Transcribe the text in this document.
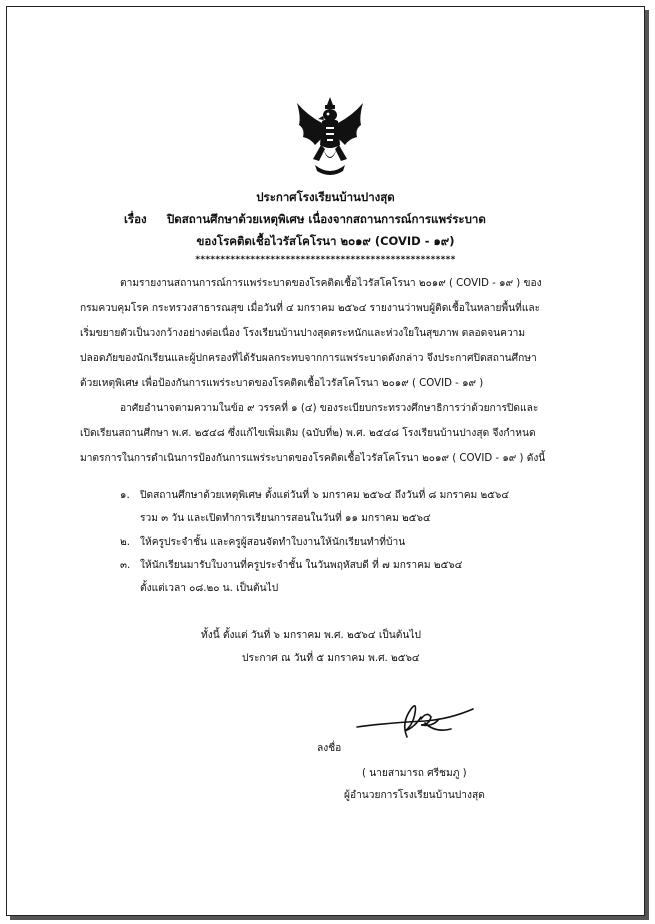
ประกาศโรงเรียนบ้านปางสุด
เรื่อง ปิดสถานศึกษาด้วยเหตุพิเศษ เนื่องจากสถานการณ์การแพร่ระบาด
ของโรคติดเชื้อไวรัสโคโรนา ๒๐๑๙ (COVID - ๑๙)
****************************************************
ตามรายงานสถานการณ์การแพร่ระบาดของโรคติดเชื้อไวรัสโคโรนา ๒๐๑๙ ( COVID - ๑๙ ) ของ
กรมควบคุมโรค กระทรวงสาธารณสุข เมื่อวันที่ ๔ มกราคม ๒๕๖๔ รายงานว่าพบผู้ติดเชื้อในหลายพื้นที่และ
เริ่มขยายตัวเป็นวงกว้างอย่างต่อเนื่อง โรงเรียนบ้านปางสุดตระหนักและห่วงใยในสุขภาพ ตลอดจนความ
ปลอดภัยของนักเรียนและผู้ปกครองที่ได้รับผลกระทบจากการแพร่ระบาดดังกล่าว จึงประกาศปิดสถานศึกษา
ด้วยเหตุพิเศษ เพื่อป้องกันการแพร่ระบาดของโรคติดเชื้อไวรัสโคโรนา ๒๐๑๙ ( COVID - ๑๙ )
อาศัยอำนาจตามความในข้อ ๙ วรรคที่ ๑ (๔) ของระเบียบกระทรวงศึกษาธิการว่าด้วยการปิดและ
เปิดเรียนสถานศึกษา พ.ศ. ๒๕๔๘ ซึ่งแก้ไขเพิ่มเติม (ฉบับที่๒) พ.ศ. ๒๕๔๘ โรงเรียนบ้านปางสุด จึงกำหนด
มาตรการในการดำเนินการป้องกันการแพร่ระบาดของโรคติดเชื้อไวรัสโคโรนา ๒๐๑๙ ( COVID - ๑๙ ) ดังนี้
๑. ปิดสถานศึกษาด้วยเหตุพิเศษ ตั้งแต่วันที่ ๖ มกราคม ๒๕๖๔ ถึงวันที่ ๘ มกราคม ๒๕๖๔
รวม ๓ วัน และเปิดทำการเรียนการสอนในวันที่ ๑๑ มกราคม ๒๕๖๔
๒. ให้ครูประจำชั้น และครูผู้สอนจัดทำใบงานให้นักเรียนทำที่บ้าน
๓. ให้นักเรียนมารับใบงานที่ครูประจำชั้น ในวันพฤหัสบดี ที่ ๗ มกราคม ๒๕๖๔
ตั้งแต่เวลา ๐๘.๒๐ น. เป็นต้นไป
ทั้งนี้ ตั้งแต่ วันที่ ๖ มกราคม พ.ศ. ๒๕๖๔ เป็นต้นไป
ประกาศ ณ วันที่ ๕ มกราคม พ.ศ. ๒๕๖๔
ลงชื่อ
( นายสามารถ ศรีชมภู )
ผู้อำนวยการโรงเรียนบ้านปางสุด
